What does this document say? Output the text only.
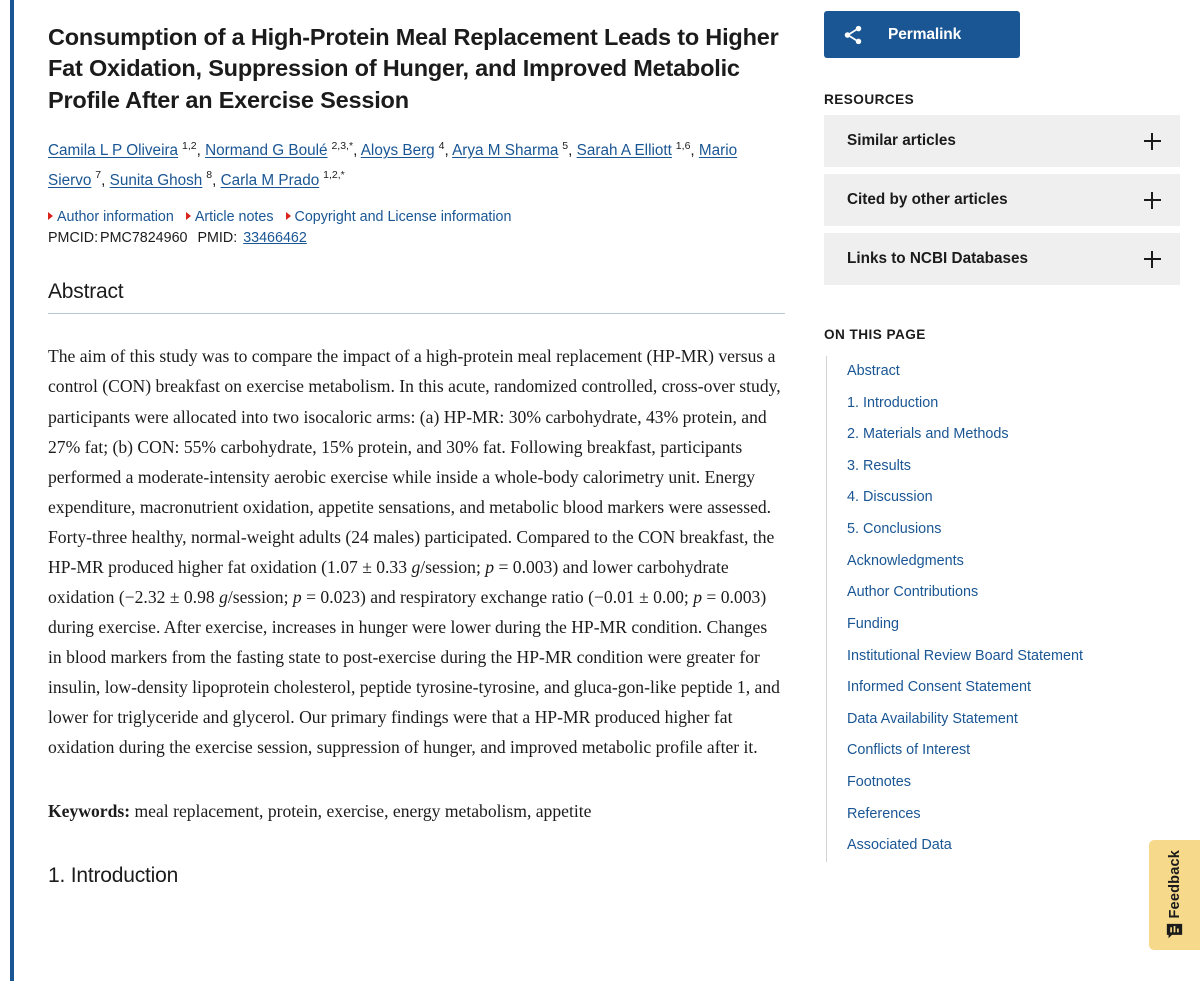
Consumption of a High-Protein Meal Replacement Leads to Higher Fat Oxidation, Suppression of Hunger, and Improved Metabolic Profile After an Exercise Session
Camila L P Oliveira $^{1,2}$, Normand G Boulé $^{2,3,*}$, Aloys Berg $^4$, Arya M Sharma $^5$, Sarah A Elliott $^{1,6}$, Mario Siervo $^7$, Sunita Ghosh $^8$, Carla M Prado $^{1,2,*}$
Author information Article notes Copyright and License information
PMCID: PMC7824960 PMID: 33466462
Abstract

The aim of this study was to compare the impact of a high-protein meal replacement (HP-MR) versus a control (CON) breakfast on exercise metabolism. In this acute, randomized controlled, cross-over study, participants were allocated into two isocaloric arms: (a) HP-MR: 30% carbohydrate, 43% protein, and 27% fat; (b) CON: 55% carbohydrate, 15% protein, and 30% fat. Following breakfast, participants performed a moderate-intensity aerobic exercise while inside a whole-body calorimetry unit. Energy expenditure, macronutrient oxidation, appetite sensations, and metabolic blood markers were assessed. Forty-three healthy, normal-weight adults (24 males) participated. Compared to the CON breakfast, the HP-MR produced higher fat oxidation (1.07 ± 0.33 g/session; p = 0.003) and lower carbohydrate oxidation (−2.32 ± 0.98 g/session; p = 0.023) and respiratory exchange ratio (−0.01 ± 0.00; p = 0.003) during exercise. After exercise, increases in hunger were lower during the HP-MR condition. Changes in blood markers from the fasting state to post-exercise during the HP-MR condition were greater for insulin, low-density lipoprotein cholesterol, peptide tyrosine-tyrosine, and gluca-gon-like peptide 1, and lower for triglyceride and glycerol. Our primary findings were that a HP-MR produced higher fat oxidation during the exercise session, suppression of hunger, and improved metabolic profile after it.

Keywords: meal replacement, protein, exercise, energy metabolism, appetite

1. Introduction
Permalink
RESOURCES
Similar articles
Cited by other articles
Links to NCBI Databases
ON THIS PAGE
Abstract
1. Introduction
2. Materials and Methods
3. Results
4. Discussion
5. Conclusions
Acknowledgments
Author Contributions
Funding
Institutional Review Board Statement
Informed Consent Statement
Data Availability Statement
Conflicts of Interest
Footnotes
References
Associated Data
Feedback
